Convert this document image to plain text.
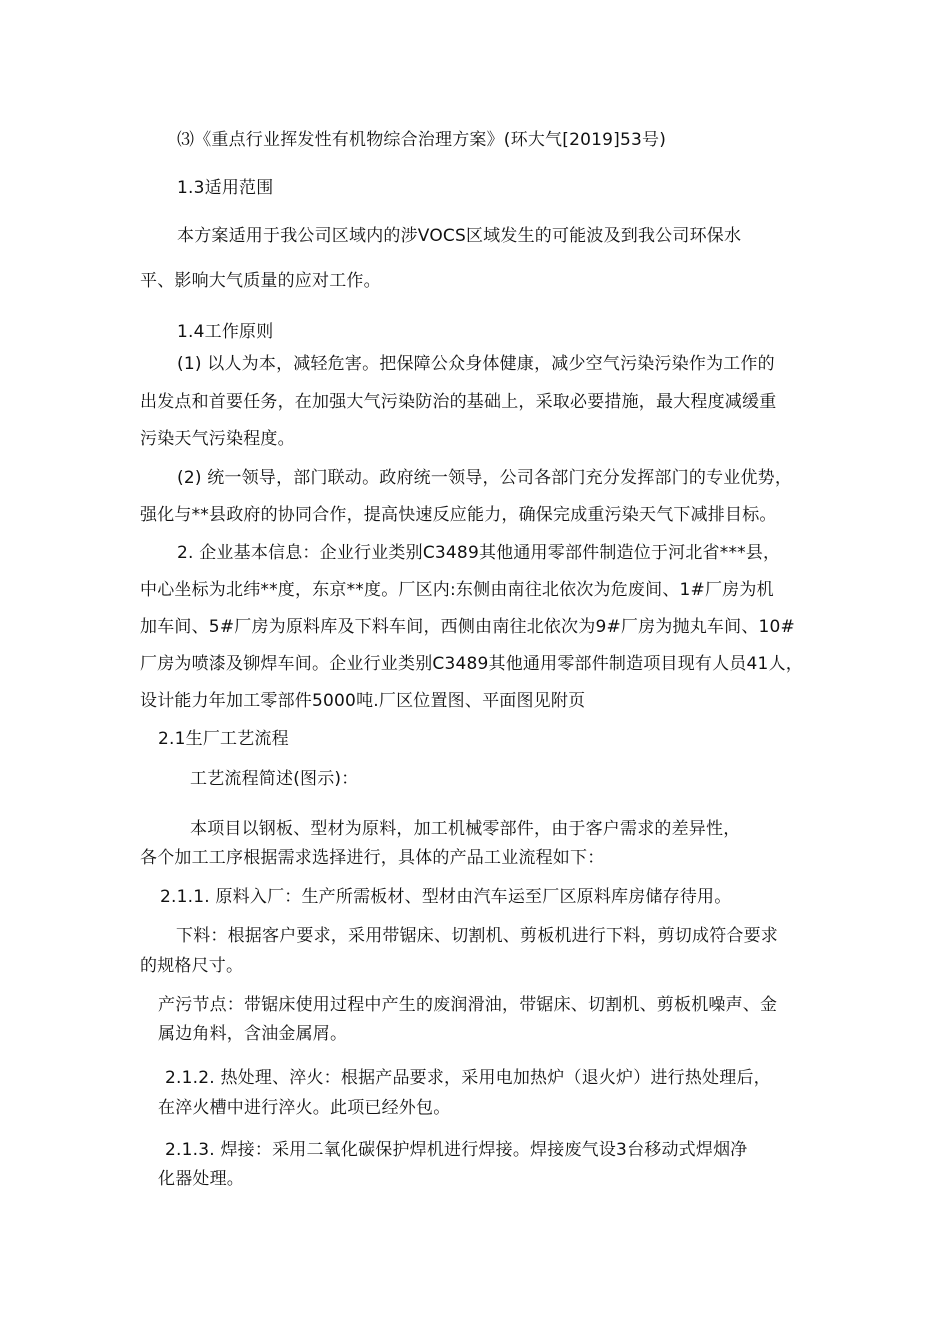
⑶《重点行业挥发性有机物综合治理方案》(环大气[2019]53号)
1.3适用范围
本方案适用于我公司区域内的涉VOCS区域发生的可能波及到我公司环保水
平、影响大气质量的应对工作。
1.4工作原则
(1) 以人为本，减轻危害。把保障公众身体健康，减少空气污染污染作为工作的
出发点和首要任务，在加强大气污染防治的基础上，采取必要措施，最大程度减缓重
污染天气污染程度。
(2) 统一领导，部门联动。政府统一领导，公司各部门充分发挥部门的专业优势，
强化与**县政府的协同合作，提高快速反应能力，确保完成重污染天气下减排目标。
2. 企业基本信息：企业行业类别C3489其他通用零部件制造位于河北省***县，
中心坐标为北纬**度，东京**度。厂区内:东侧由南往北依次为危废间、1#厂房为机
加车间、5#厂房为原料库及下料车间，西侧由南往北依次为9#厂房为抛丸车间、10#
厂房为喷漆及铆焊车间。企业行业类别C3489其他通用零部件制造项目现有人员41人，
设计能力年加工零部件5000吨.厂区位置图、平面图见附页
2.1生厂工艺流程
工艺流程简述(图示)：
本项目以钢板、型材为原料，加工机械零部件，由于客户需求的差异性，
各个加工工序根据需求选择进行，具体的产品工业流程如下：
2.1.1. 原料入厂：生产所需板材、型材由汽车运至厂区原料库房储存待用。
下料：根据客户要求，采用带锯床、切割机、剪板机进行下料，剪切成符合要求
的规格尺寸。
产污节点：带锯床使用过程中产生的废润滑油，带锯床、切割机、剪板机噪声、金
属边角料，含油金属屑。
2.1.2. 热处理、淬火：根据产品要求，采用电加热炉（退火炉）进行热处理后，
在淬火槽中进行淬火。此项已经外包。
2.1.3. 焊接：采用二氧化碳保护焊机进行焊接。焊接废气设3台移动式焊烟净
化器处理。
